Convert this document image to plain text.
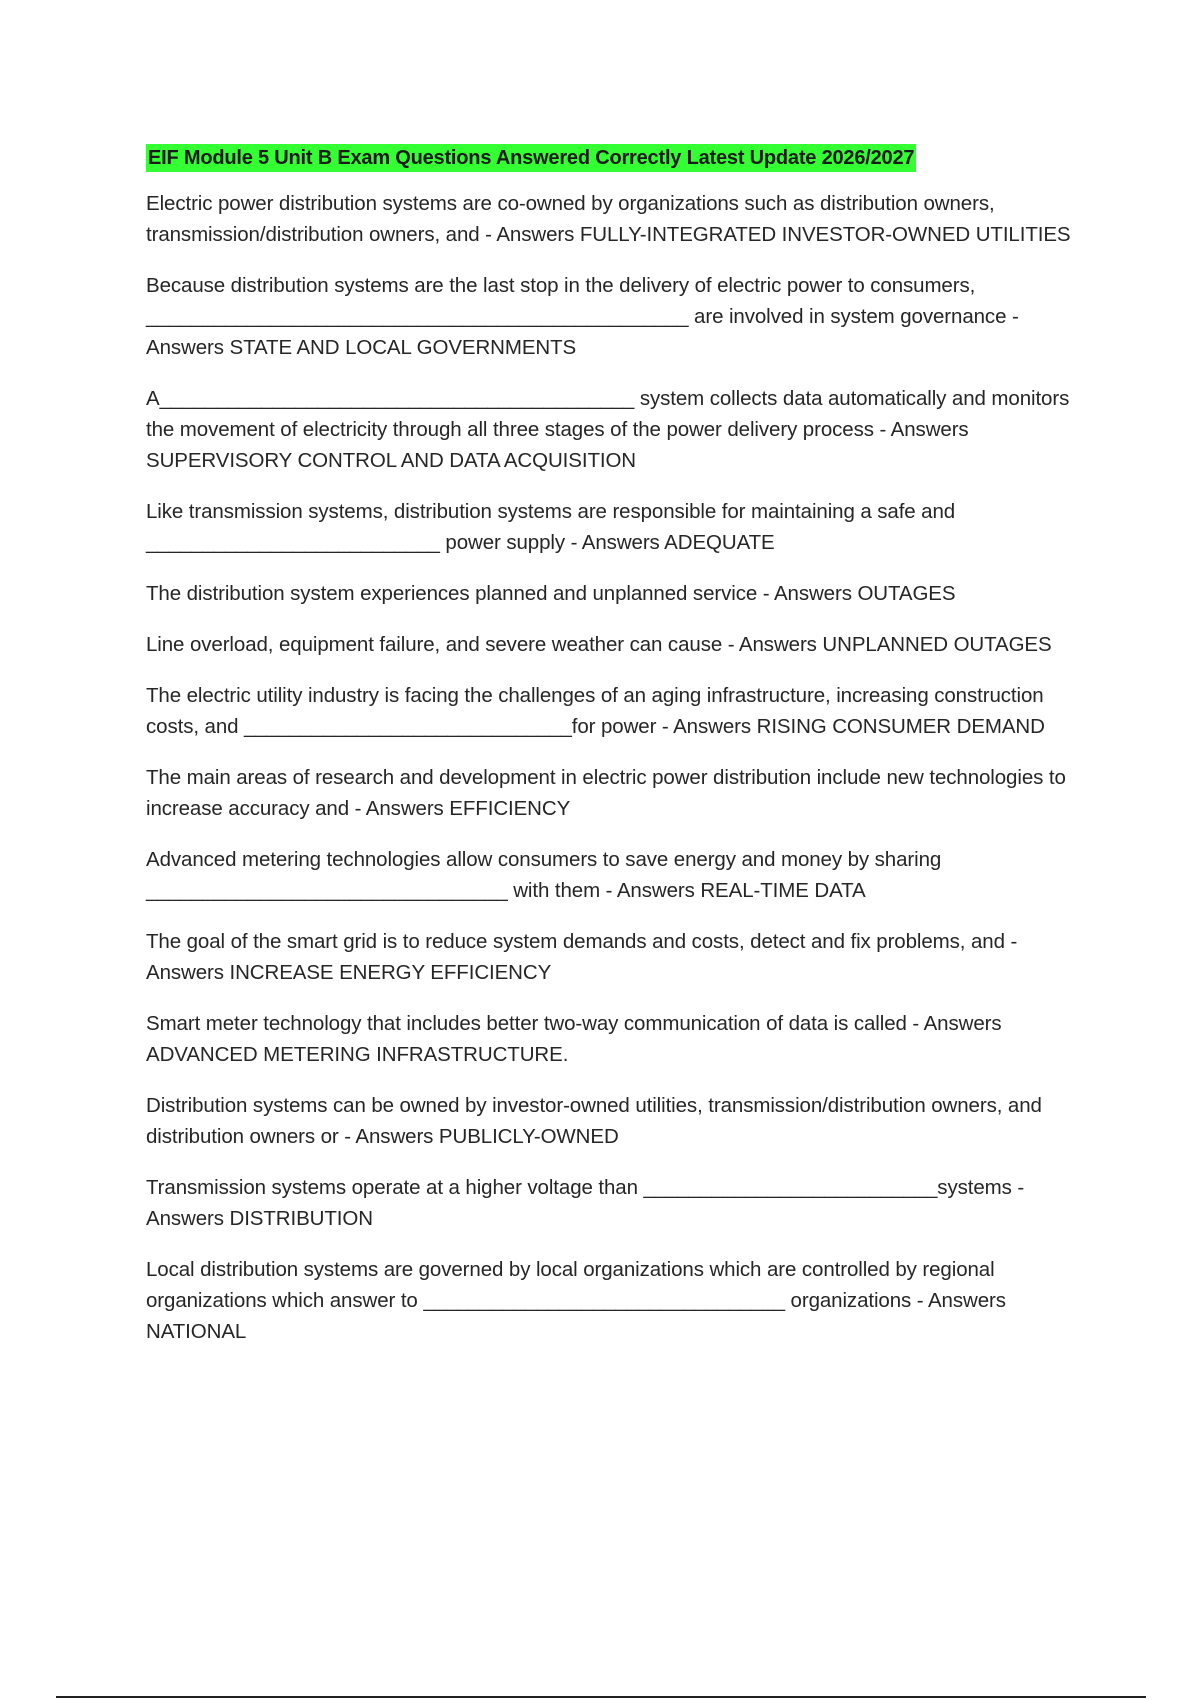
EIF Module 5 Unit B Exam Questions Answered Correctly Latest Update 2026/2027

Electric power distribution systems are co-owned by organizations such as distribution owners, transmission/distribution owners, and - Answers FULLY-INTEGRATED INVESTOR-OWNED UTILITIES

Because distribution systems are the last stop in the delivery of electric power to consumers, ________________________________________________ are involved in system governance - Answers STATE AND LOCAL GOVERNMENTS

A__________________________________________ system collects data automatically and monitors the movement of electricity through all three stages of the power delivery process - Answers SUPERVISORY CONTROL AND DATA ACQUISITION

Like transmission systems, distribution systems are responsible for maintaining a safe and __________________________ power supply - Answers ADEQUATE

The distribution system experiences planned and unplanned service - Answers OUTAGES

Line overload, equipment failure, and severe weather can cause - Answers UNPLANNED OUTAGES

The electric utility industry is facing the challenges of an aging infrastructure, increasing construction costs, and _____________________________for power - Answers RISING CONSUMER DEMAND

The main areas of research and development in electric power distribution include new technologies to increase accuracy and - Answers EFFICIENCY

Advanced metering technologies allow consumers to save energy and money by sharing ________________________________ with them - Answers REAL-TIME DATA

The goal of the smart grid is to reduce system demands and costs, detect and fix problems, and - Answers INCREASE ENERGY EFFICIENCY

Smart meter technology that includes better two-way communication of data is called - Answers ADVANCED METERING INFRASTRUCTURE.

Distribution systems can be owned by investor-owned utilities, transmission/distribution owners, and distribution owners or - Answers PUBLICLY-OWNED

Transmission systems operate at a higher voltage than __________________________systems - Answers DISTRIBUTION

Local distribution systems are governed by local organizations which are controlled by regional organizations which answer to ________________________________ organizations - Answers NATIONAL
